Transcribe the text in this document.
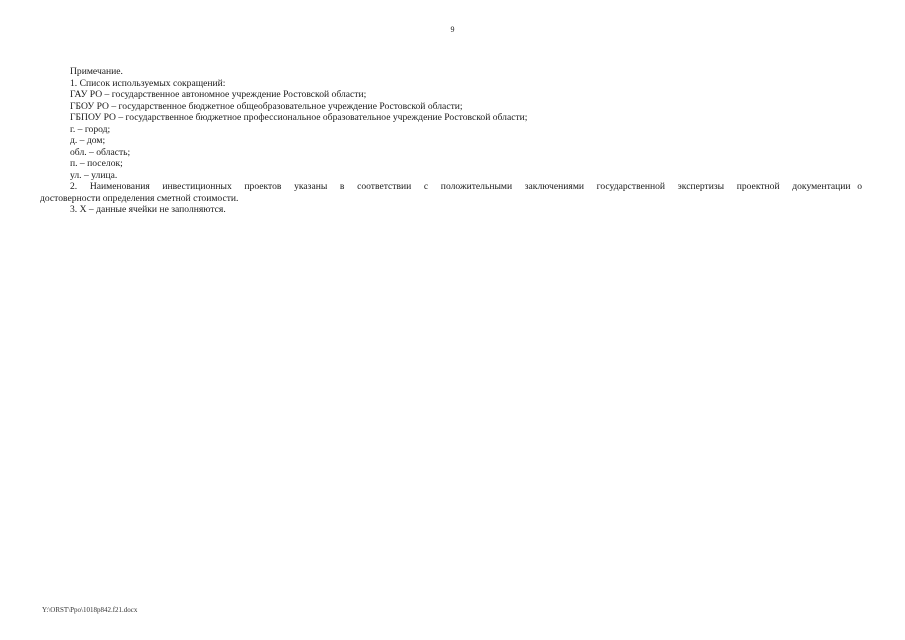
9

Примечание.

1. Список используемых сокращений:

ГАУ РО – государственное автономное учреждение Ростовской области;

ГБОУ РО – государственное бюджетное общеобразовательное учреждение Ростовской области;

ГБПОУ РО – государственное бюджетное профессиональное образовательное учреждение Ростовской области;

г. – город;

д. – дом;

обл. – область;

п. – поселок;

ул. – улица.

2. Наименования инвестиционных проектов указаны в соответствии с положительными заключениями государственной экспертизы проектной документации о достоверности определения сметной стоимости.

3. Х – данные ячейки не заполняются.

Y:\ORST\Ppo\1018p842.f21.docx
